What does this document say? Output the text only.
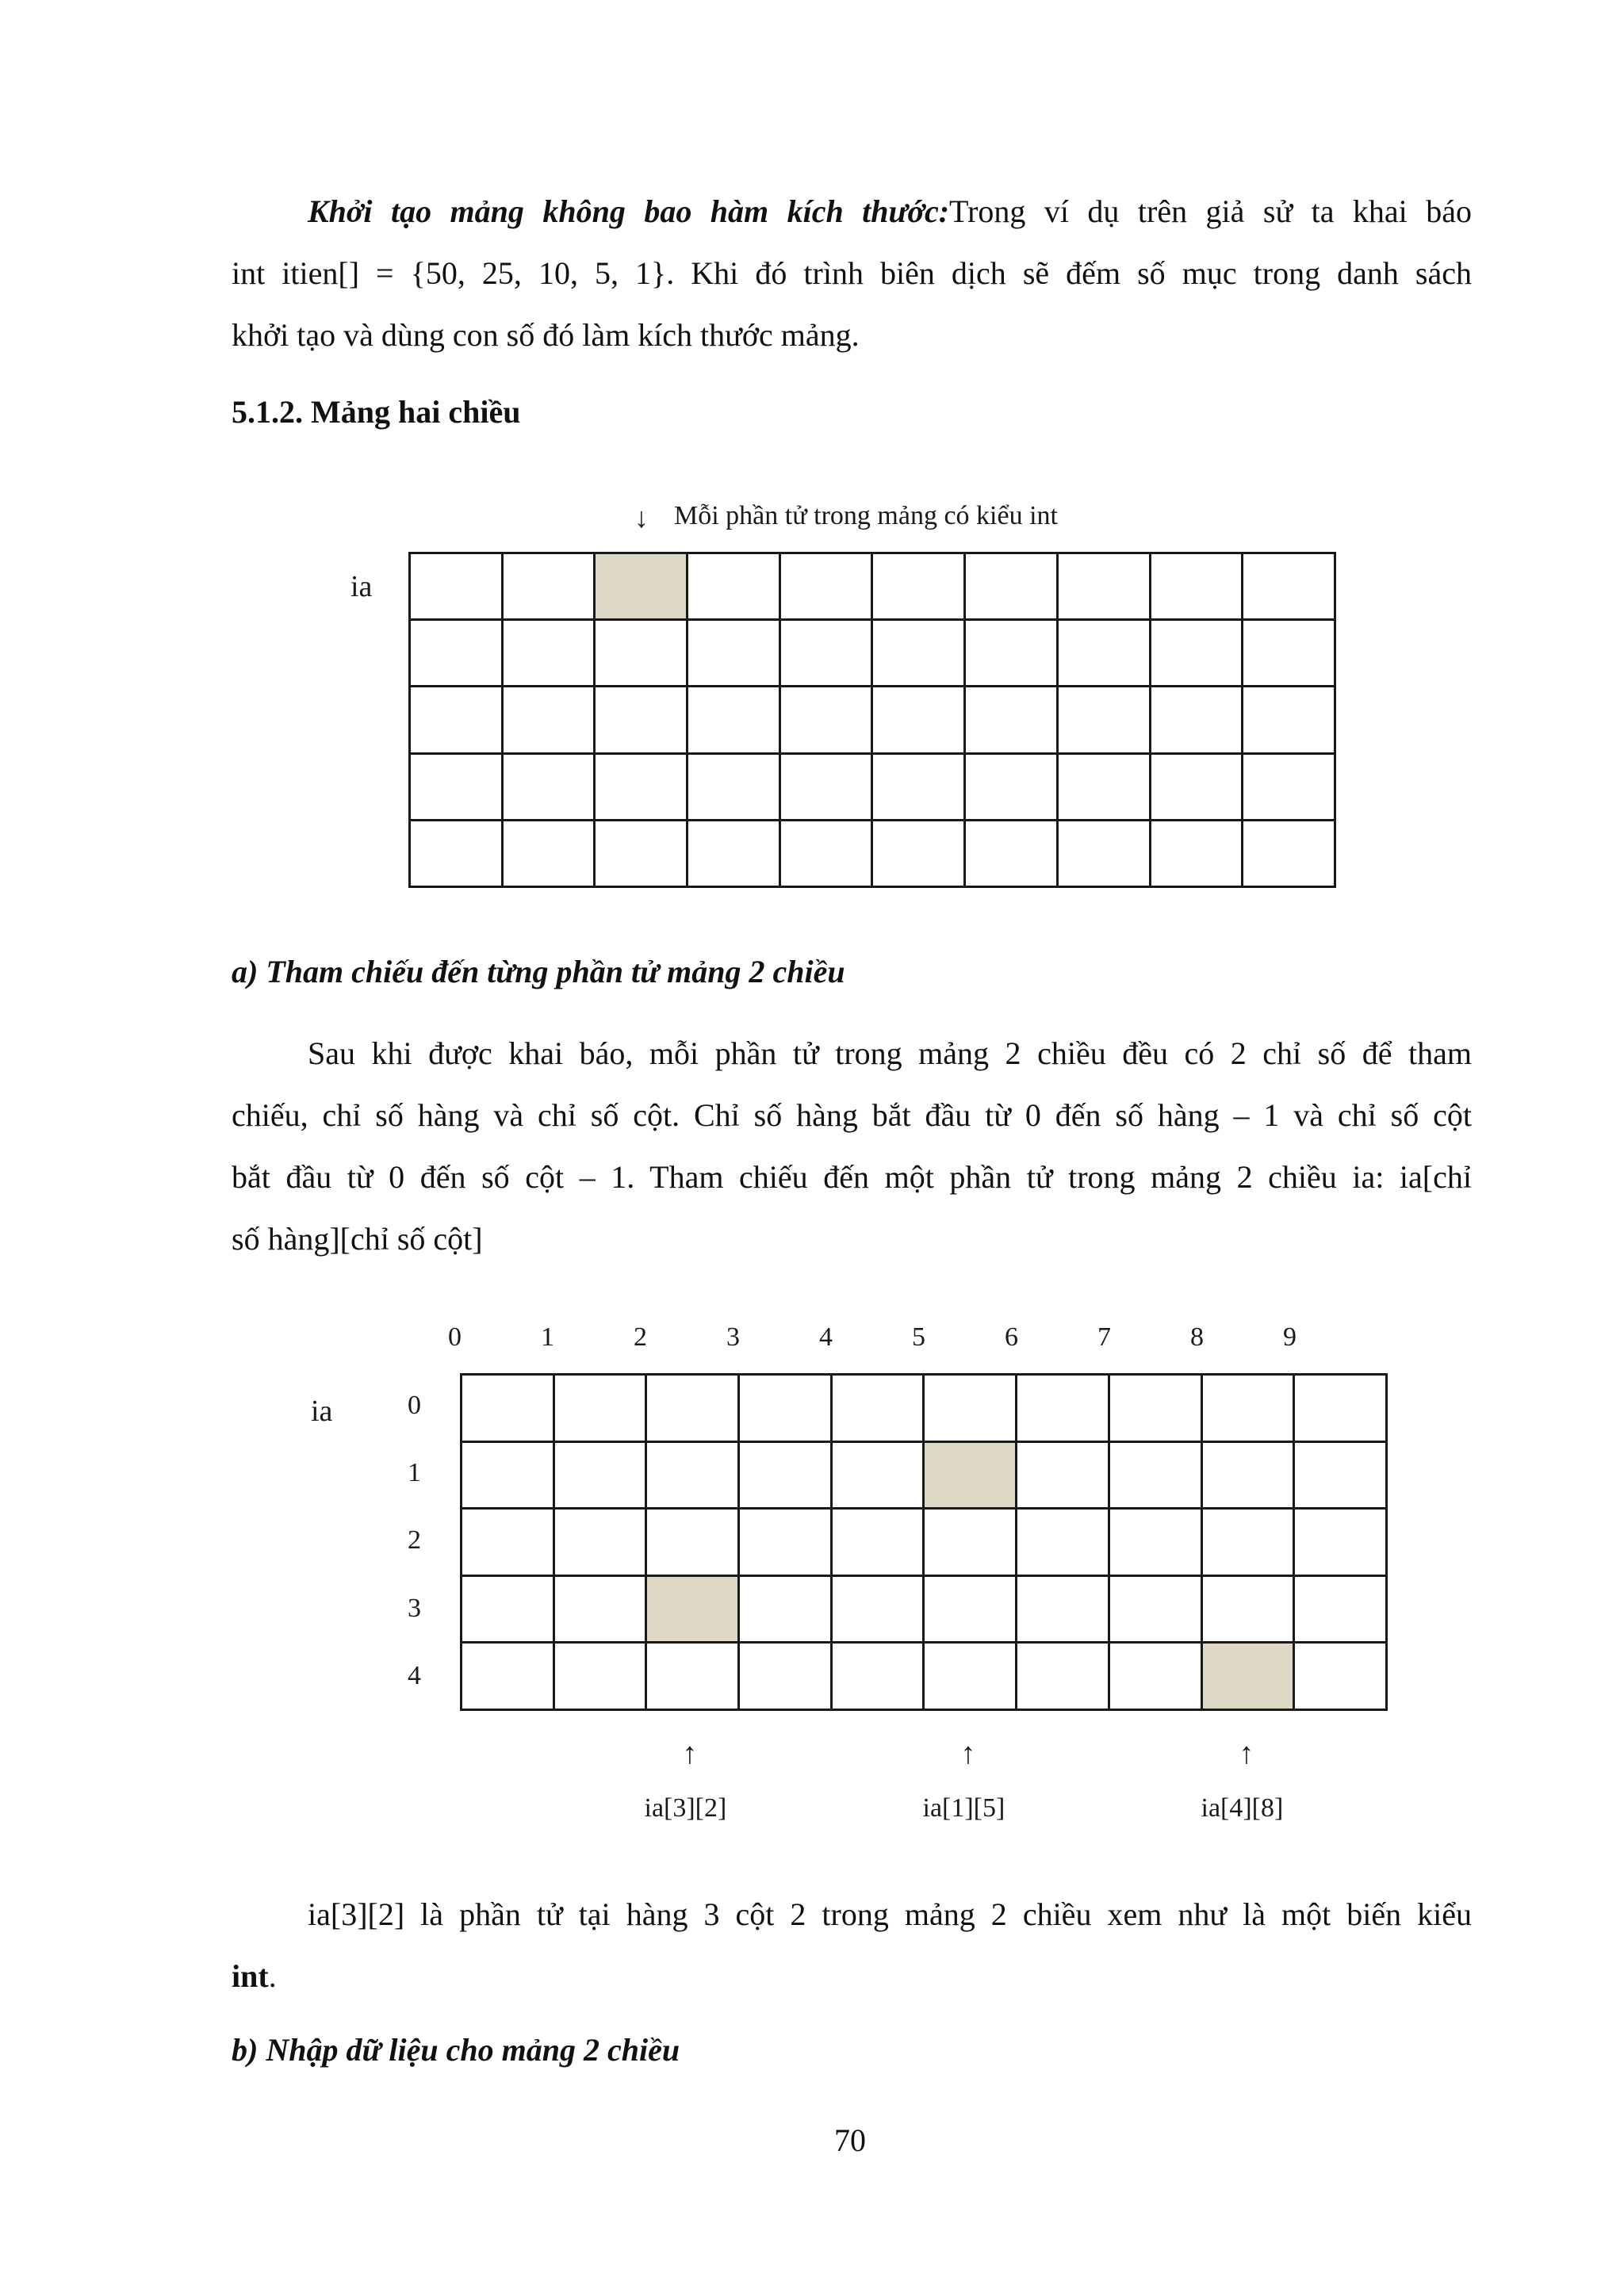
Khởi tạo mảng không bao hàm kích thước:Trong ví dụ trên giả sử ta khai báo
int itien[] = {50, 25, 10, 5, 1}. Khi đó trình biên dịch sẽ đếm số mục trong danh sách
khởi tạo và dùng con số đó làm kích thước mảng.
5.1.2. Mảng hai chiều
↓ Mỗi phần tử trong mảng có kiểu int
ia

a) Tham chiếu đến từng phần tử mảng 2 chiều
Sau khi được khai báo, mỗi phần tử trong mảng 2 chiều đều có 2 chỉ số để tham
chiếu, chỉ số hàng và chỉ số cột. Chỉ số hàng bắt đầu từ 0 đến số hàng – 1 và chỉ số cột
bắt đầu từ 0 đến số cột – 1. Tham chiếu đến một phần tử trong mảng 2 chiều ia: ia[chỉ
số hàng][chỉ số cột]
0	1	2	3	4	5	6	7	8	9
ia	0
1
2
3
4

↑
ia[3][2]
↑
ia[1][5]
↑
ia[4][8]
ia[3][2] là phần tử tại hàng 3 cột 2 trong mảng 2 chiều xem như là một biến kiểu
int.
b) Nhập dữ liệu cho mảng 2 chiều
70
